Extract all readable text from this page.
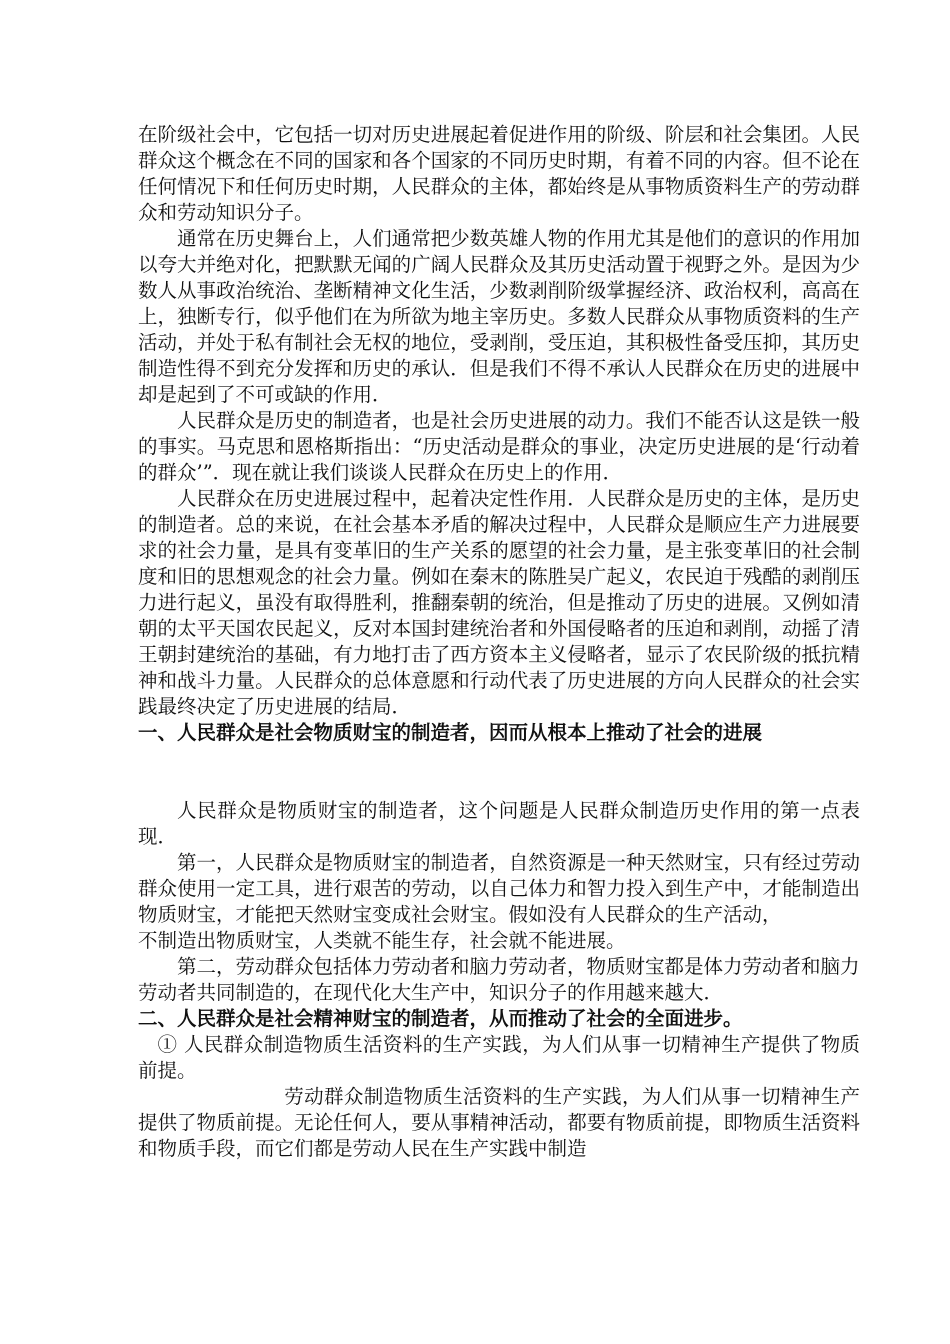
在阶级社会中，它包括一切对历史进展起着促进作用的阶级、阶层和社会集团。人民群众这个概念在不同的国家和各个国家的不同历史时期，有着不同的内容。但不论在任何情况下和任何历史时期，人民群众的主体，都始终是从事物质资料生产的劳动群众和劳动知识分子。

通常在历史舞台上，人们通常把少数英雄人物的作用尤其是他们的意识的作用加以夸大并绝对化，把默默无闻的广阔人民群众及其历史活动置于视野之外。是因为少数人从事政治统治、垄断精神文化生活，少数剥削阶级掌握经济、政治权利，高高在上，独断专行，似乎他们在为所欲为地主宰历史。多数人民群众从事物质资料的生产活动，并处于私有制社会无权的地位，受剥削，受压迫，其积极性备受压抑，其历史制造性得不到充分发挥和历史的承认．但是我们不得不承认人民群众在历史的进展中却是起到了不可或缺的作用．

人民群众是历史的制造者，也是社会历史进展的动力。我们不能否认这是铁一般的事实。马克思和恩格斯指出：“历史活动是群众的事业，决定历史进展的是‘行动着的群众’”．现在就让我们谈谈人民群众在历史上的作用．

人民群众在历史进展过程中，起着决定性作用．人民群众是历史的主体，是历史的制造者。总的来说，在社会基本矛盾的解决过程中，人民群众是顺应生产力进展要求的社会力量，是具有变革旧的生产关系的愿望的社会力量，是主张变革旧的社会制度和旧的思想观念的社会力量。例如在秦末的陈胜吴广起义，农民迫于残酷的剥削压力进行起义，虽没有取得胜利，推翻秦朝的统治，但是推动了历史的进展。又例如清朝的太平天国农民起义，反对本国封建统治者和外国侵略者的压迫和剥削，动摇了清王朝封建统治的基础，有力地打击了西方资本主义侵略者，显示了农民阶级的抵抗精神和战斗力量。人民群众的总体意愿和行动代表了历史进展的方向人民群众的社会实践最终决定了历史进展的结局．

一、人民群众是社会物质财宝的制造者，因而从根本上推动了社会的进展

人民群众是物质财宝的制造者，这个问题是人民群众制造历史作用的第一点表现．

第一，人民群众是物质财宝的制造者，自然资源是一种天然财宝，只有经过劳动群众使用一定工具，进行艰苦的劳动，以自己体力和智力投入到生产中，才能制造出物质财宝，才能把天然财宝变成社会财宝。假如没有人民群众的生产活动，

不制造出物质财宝，人类就不能生存，社会就不能进展。

第二，劳动群众包括体力劳动者和脑力劳动者，物质财宝都是体力劳动者和脑力

劳动者共同制造的，在现代化大生产中，知识分子的作用越来越大．

二、人民群众是社会精神财宝的制造者，从而推动了社会的全面进步。

① 人民群众制造物质生活资料的生产实践，为人们从事一切精神生产提供了物质前提。

劳动群众制造物质生活资料的生产实践，为人们从事一切精神生产提供了物质前提。无论任何人，要从事精神活动，都要有物质前提，即物质生活资料和物质手段，而它们都是劳动人民在生产实践中制造
